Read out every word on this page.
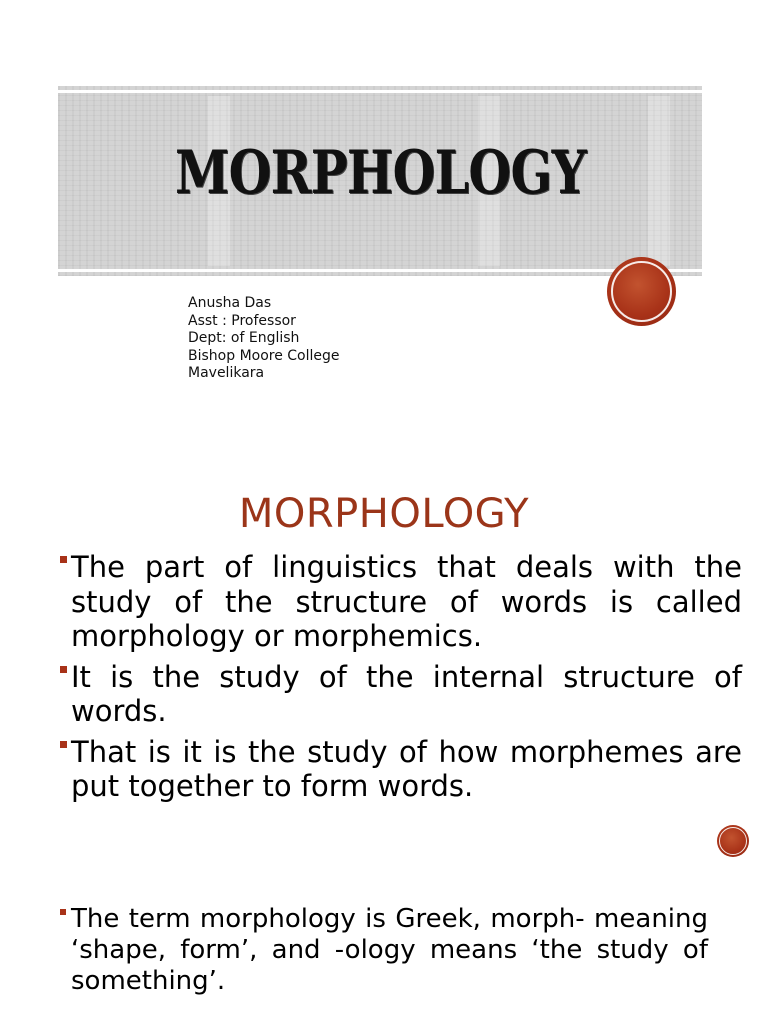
MORPHOLOGY
Anusha Das
Asst : Professor
Dept: of English
Bishop Moore College
Mavelikara
MORPHOLOGY
The part of linguistics that deals with the study of the structure of words is called morphology or morphemics.
It is the study of the internal structure of words.
That is it is the study of how morphemes are put together to form words.
The term morphology is Greek, morph- meaning ‘shape, form’, and -ology means ‘the study of something’.
